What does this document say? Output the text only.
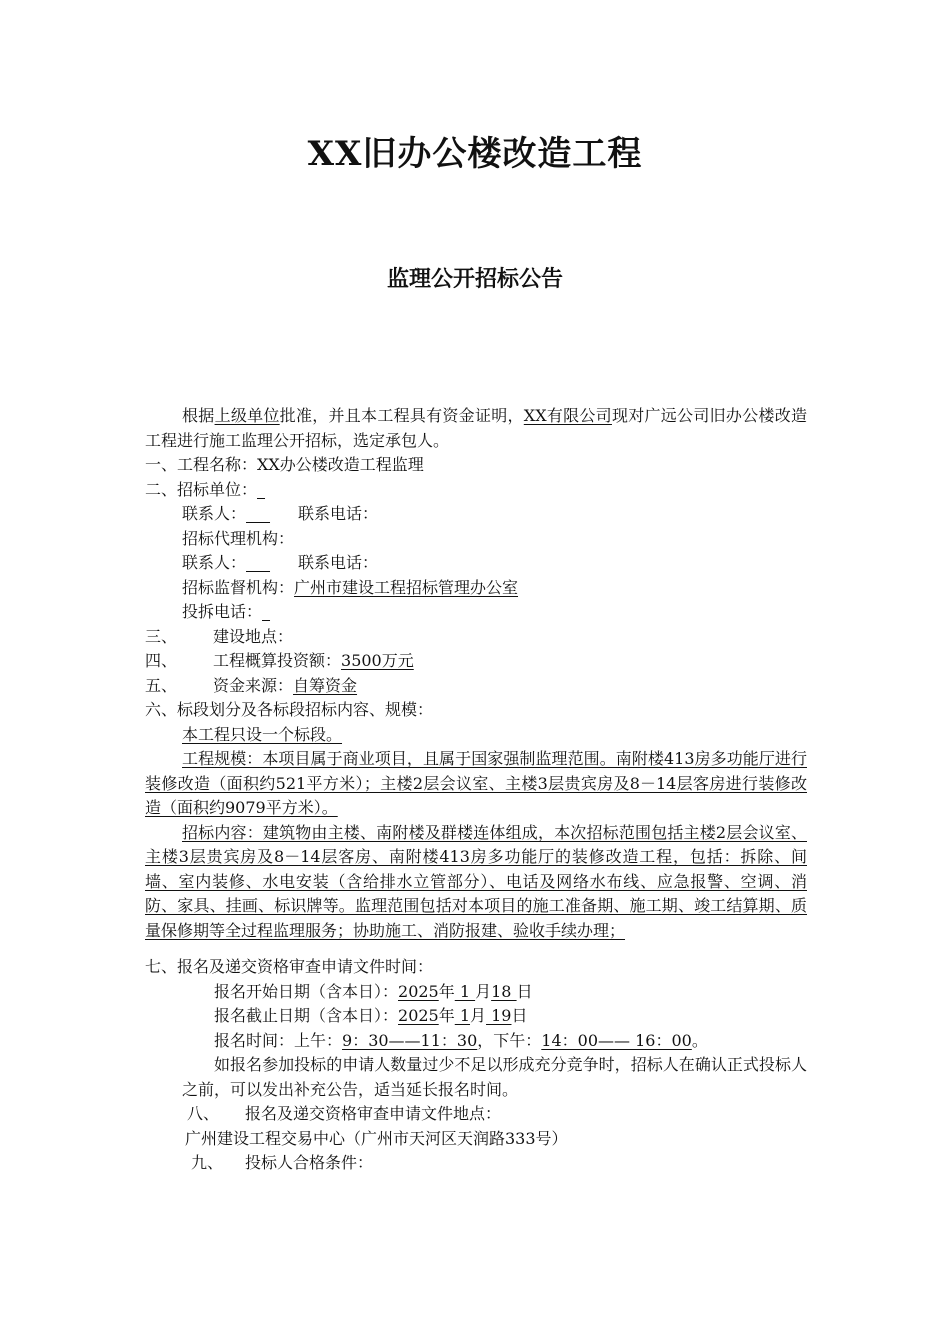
XX旧办公楼改造工程
监理公开招标公告
根据上级单位批准，并且本工程具有资金证明，XX有限公司现对广远公司旧办公楼改造工程进行施工监理公开招标，选定承包人。
一、工程名称：XX办公楼改造工程监理
二、招标单位：_
联系人：___ 联系电话：
招标代理机构：
联系人：___ 联系电话：
招标监督机构：广州市建设工程招标管理办公室
投拆电话：_
三、 建设地点：
四、 工程概算投资额：3500万元
五、 资金来源：自筹资金
六、标段划分及各标段招标内容、规模：
本工程只设一个标段。
工程规模：本项目属于商业项目，且属于国家强制监理范围。南附楼413房多功能厅进行装修改造（面积约521平方米）；主楼2层会议室、主楼3层贵宾房及8－14层客房进行装修改造（面积约9079平方米）。
招标内容：建筑物由主楼、南附楼及群楼连体组成，本次招标范围包括主楼2层会议室、主楼3层贵宾房及8－14层客房、南附楼413房多功能厅的装修改造工程，包括：拆除、间墙、室内装修、水电安装（含给排水立管部分）、电话及网络水布线、应急报警、空调、消防、家具、挂画、标识牌等。监理范围包括对本项目的施工准备期、施工期、竣工结算期、质量保修期等全过程监理服务；协助施工、消防报建、验收手续办理；
七、报名及递交资格审查申请文件时间：
报名开始日期（含本日）：2025年 1 月18 日
报名截止日期（含本日）：2025年 1月 19日
报名时间：上午：9：30——11：30，下午：14：00—— 16：00。
如报名参加投标的申请人数量过少不足以形成充分竞争时，招标人在确认正式投标人之前，可以发出补充公告，适当延长报名时间。
八、 报名及递交资格审查申请文件地点：
广州建设工程交易中心（广州市天河区天润路333号）
九、 投标人合格条件：
